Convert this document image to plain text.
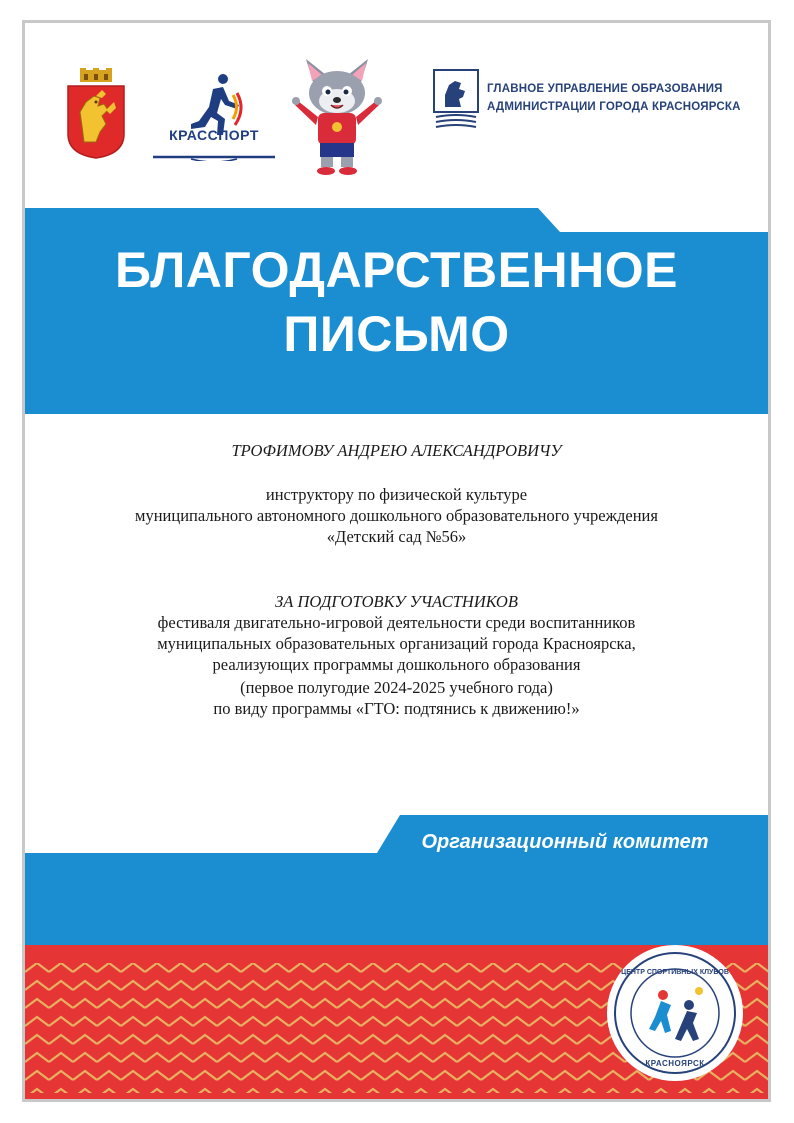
КРАССПОРТ
ГЛАВНОЕ УПРАВЛЕНИЕ ОБРАЗОВАНИЯ
АДМИНИСТРАЦИИ ГОРОДА КРАСНОЯРСКА
БЛАГОДАРСТВЕННОЕ
ПИСЬМО
ТРОФИМОВУ АНДРЕЮ АЛЕКСАНДРОВИЧУ
инструктору по физической культуре
муниципального автономного дошкольного образовательного учреждения
«Детский сад №56»
ЗА ПОДГОТОВКУ УЧАСТНИКОВ
фестиваля двигательно-игровой деятельности среди воспитанников
муниципальных образовательных организаций города Красноярска,
реализующих программы дошкольного образования
(первое полугодие 2024-2025 учебного года)
по виду программы «ГТО: подтянись к движению!»
Организационный комитет
ЦЕНТР СПОРТИВНЫХ КЛУБОВ
КРАСНОЯРСК
